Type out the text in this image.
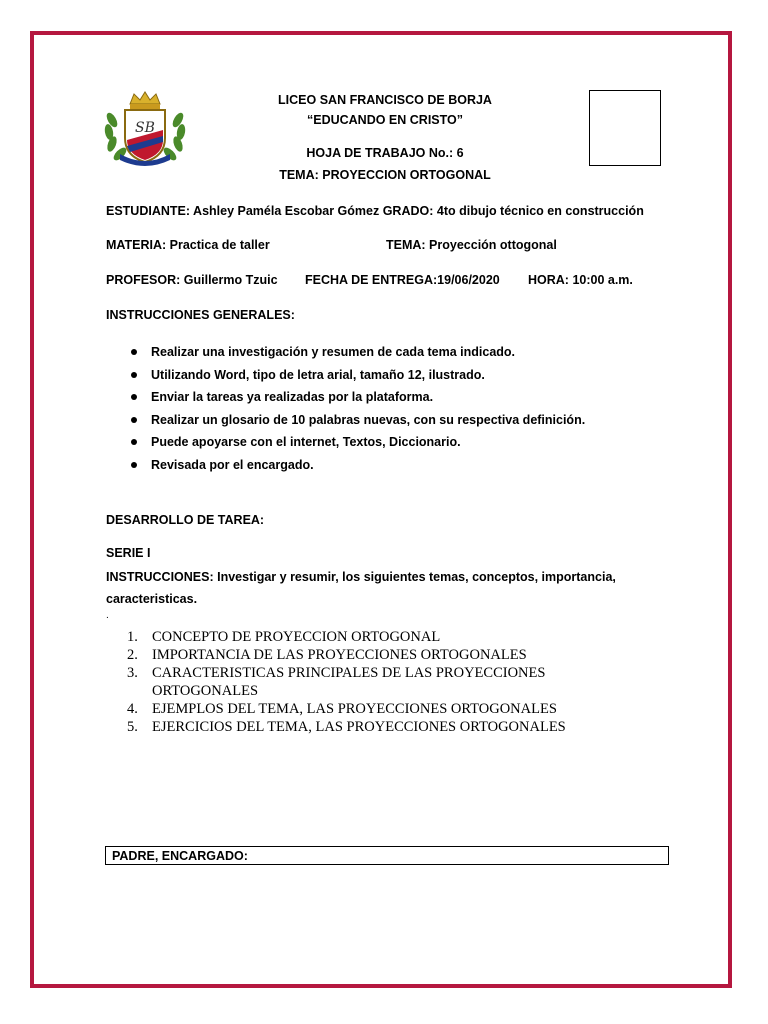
SB
LICEO SAN FRANCISCO DE BORJA
“EDUCANDO EN CRISTO”
HOJA DE TRABAJO No.: 6
TEMA: PROYECCION ORTOGONAL
ESTUDIANTE: Ashley Paméla Escobar Gómez GRADO: 4to dibujo técnico en construcción
MATERIA: Practica de taller	TEMA: Proyección ottogonal
PROFESOR: Guillermo Tzuic FECHA DE ENTREGA:19/06/2020 HORA: 10:00 a.m.
INSTRUCCIONES GENERALES:
Realizar una investigación y resumen de cada tema indicado.
Utilizando Word, tipo de letra arial, tamaño 12, ilustrado.
Enviar la tareas ya realizadas por la plataforma.
Realizar un glosario de 10 palabras nuevas, con su respectiva definición.
Puede apoyarse con el internet, Textos, Diccionario.
Revisada por el encargado.
DESARROLLO DE TAREA:
SERIE I
INSTRUCCIONES: Investigar y resumir, los siguientes temas, conceptos, importancia,
caracteristicas.
.
1. CONCEPTO DE PROYECCION ORTOGONAL
2. IMPORTANCIA DE LAS PROYECCIONES ORTOGONALES
3. CARACTERISTICAS PRINCIPALES DE LAS PROYECCIONES
ORTOGONALES
4. EJEMPLOS DEL TEMA, LAS PROYECCIONES ORTOGONALES
5. EJERCICIOS DEL TEMA, LAS PROYECCIONES ORTOGONALES
PADRE, ENCARGADO:
